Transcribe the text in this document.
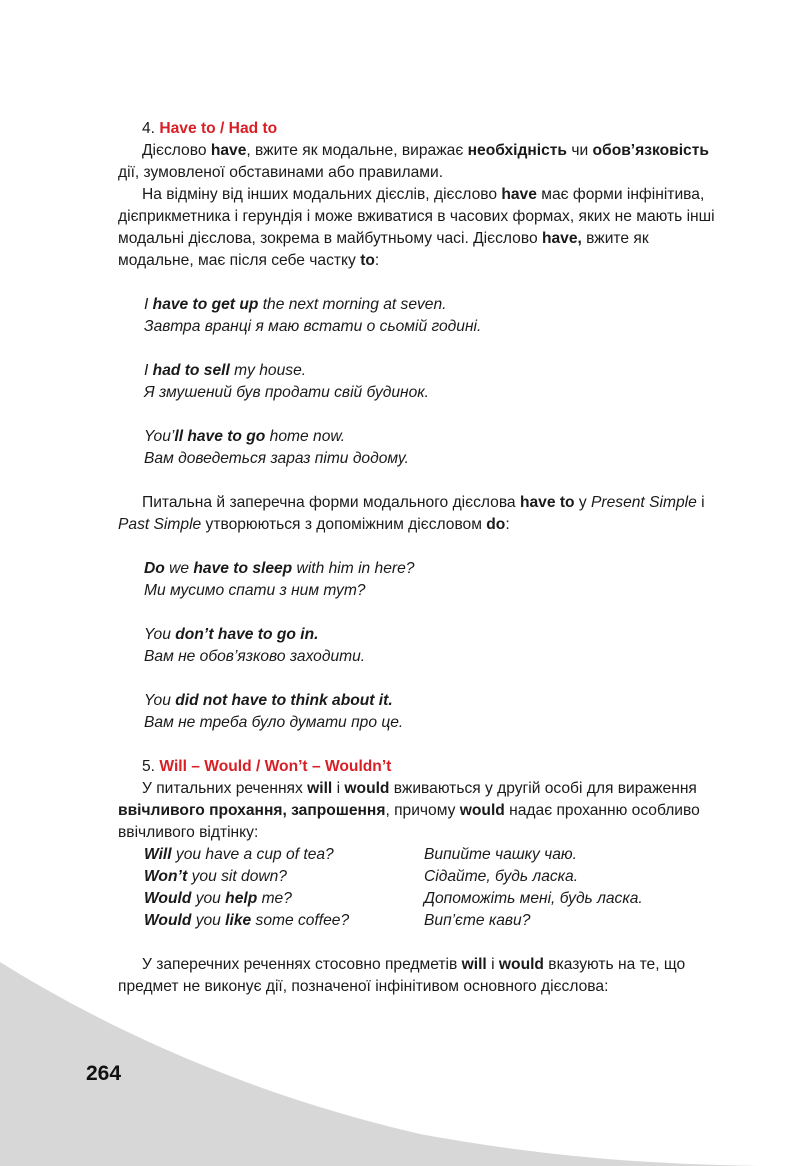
4. Have to / Had to

Дієслово have, вжите як модальне, виражає необхідність чи обов’язковість дії, зумовленої обставинами або правилами.

На відміну від інших модальних дієслів, дієслово have має форми інфінітива, дієприкметника і герундія і може вживатися в часових формах, яких не мають інші модальні дієслова, зокрема в майбутньому часі. Дієслово have, вжите як модальне, має після себе частку to:

I have to get up the next morning at seven.

Завтра вранці я маю встати о сьомій годині.

I had to sell my house.

Я змушений був продати свій будинок.

You’ll have to go home now.

Вам доведеться зараз піти додому.

Питальна й заперечна форми модального дієслова have to у Present Simple і Past Simple утворюються з допоміжним дієсловом do:

Do we have to sleep with him in here?

Ми мусимо спати з ним тут?

You don’t have to go in.

Вам не обов’язково заходити.

You did not have to think about it.

Вам не треба було думати про це.

5. Will – Would / Won’t – Wouldn’t

У питальних реченнях will і would вживаються у другій особі для вираження ввічливого прохання, запрошення, причому would надає проханню особливо ввічливого відтінку:

Will you have a cup of tea?	Випийте чашку чаю.
Won’t you sit down?	Сідайте, будь ласка.
Would you help me?	Допоможіть мені, будь ласка.
Would you like some coffee?	Вип’єте кави?

У заперечних реченнях стосовно предметів will і would вказують на те, що предмет не виконує дії, позначеної інфінітивом основного дієслова:

264
